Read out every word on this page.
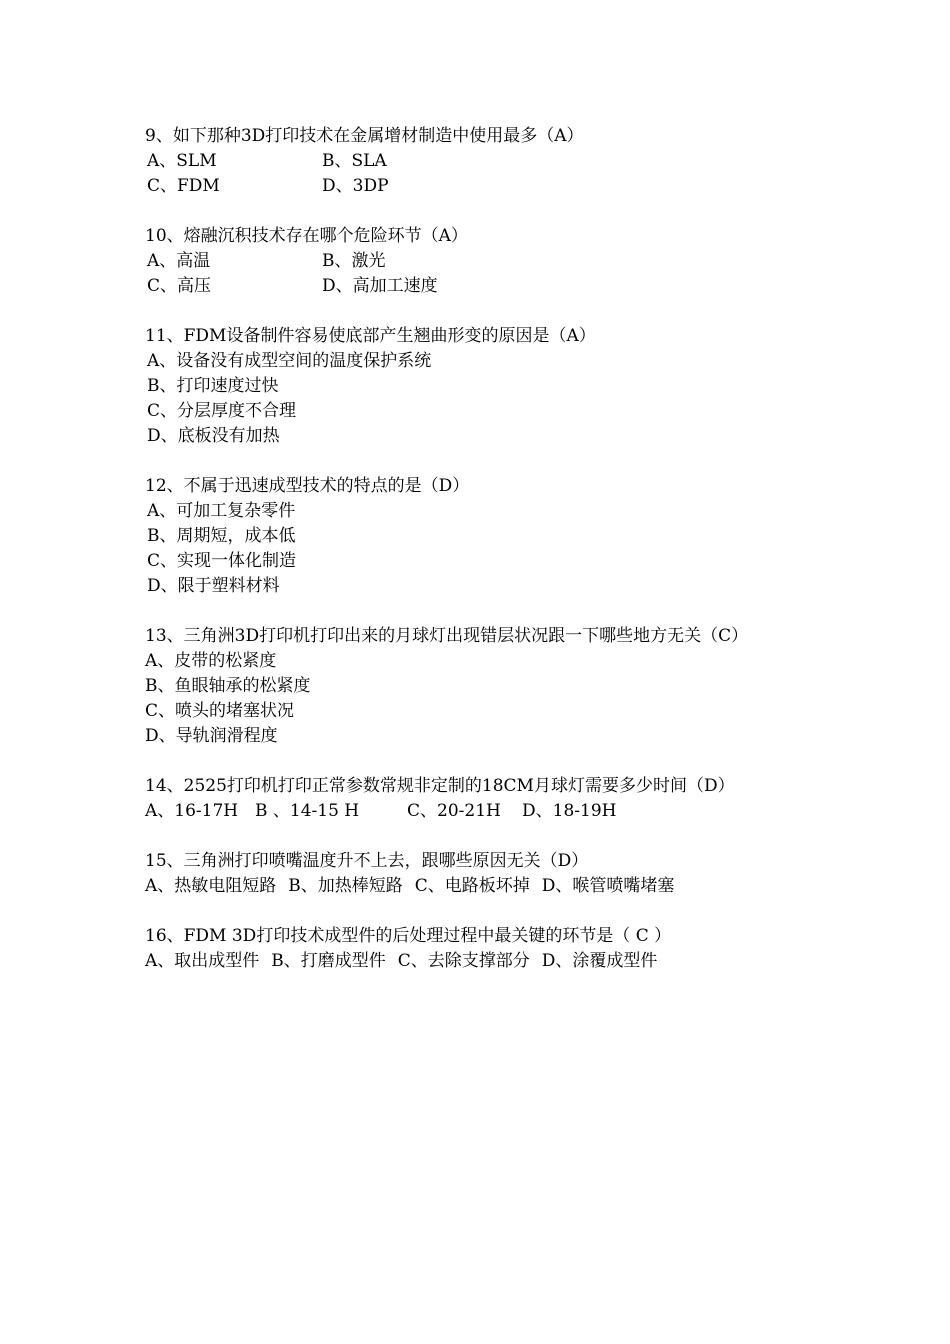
9、如下那种3D打印技术在金属增材制造中使用最多（A）
A、SLM	B、SLA
C、FDM	D、3DP
10、熔融沉积技术存在哪个危险环节（A）
A、高温	B、激光
C、高压	D、高加工速度
11、FDM设备制件容易使底部产生翘曲形变的原因是（A）
A、设备没有成型空间的温度保护系统
B、打印速度过快
C、分层厚度不合理
D、底板没有加热
12、不属于迅速成型技术的特点的是（D）
A、可加工复杂零件
B、周期短，成本低
C、实现一体化制造
D、限于塑料材料
13、三角洲3D打印机打印出来的月球灯出现错层状况跟一下哪些地方无关（C）
A、皮带的松紧度
B、鱼眼轴承的松紧度
C、喷头的堵塞状况
D、导轨润滑程度
14、2525打印机打印正常参数常规非定制的18CM月球灯需要多少时间（D）
A、16-17H B 、14-15 H	C、20-21H	D、18-19H
15、三角洲打印喷嘴温度升不上去，跟哪些原因无关（D）
A、热敏电阻短路 B、加热棒短路 C、电路板坏掉 D、喉管喷嘴堵塞
16、FDM 3D打印技术成型件的后处理过程中最关键的环节是（ C ）
A、取出成型件 B、打磨成型件 C、去除支撑部分 D、涂覆成型件
